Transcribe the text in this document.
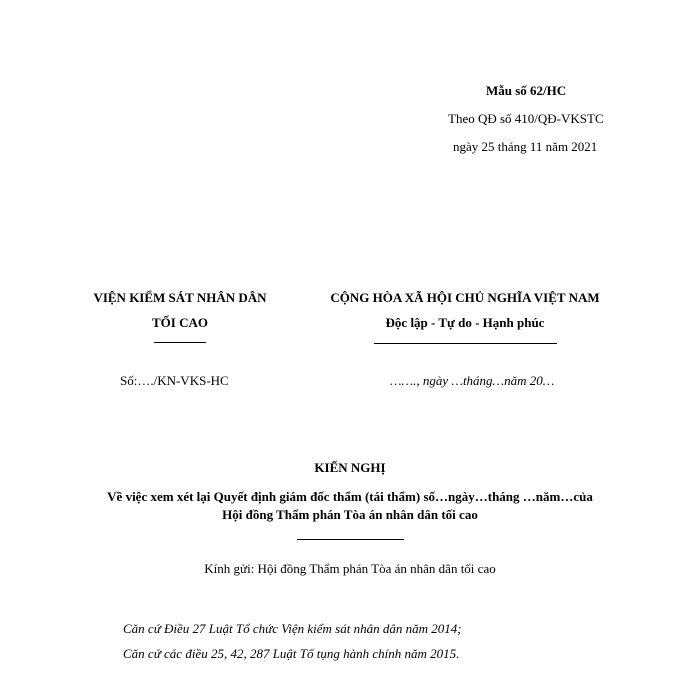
Mẫu số 62/HC
Theo QĐ số 410/QĐ-VKSTC
ngày 25 tháng 11 năm 2021
VIỆN KIỂM SÁT NHÂN DÂN
TỐI CAO
CỘNG HÒA XÃ HỘI CHỦ NGHĨA VIỆT NAM
Độc lập - Tự do - Hạnh phúc
Số:…./KN-VKS-HC	……., ngày …tháng…năm 20…
KIẾN NGHỊ
Về việc xem xét lại Quyết định giám đốc thẩm (tái thẩm) số…ngày…tháng …năm…của
Hội đồng Thẩm phán Tòa án nhân dân tối cao
Kính gửi: Hội đồng Thẩm phán Tòa án nhân dân tối cao
Căn cứ Điều 27 Luật Tổ chức Viện kiểm sát nhân dân năm 2014;
Căn cứ các điều 25, 42, 287 Luật Tố tụng hành chính năm 2015.
